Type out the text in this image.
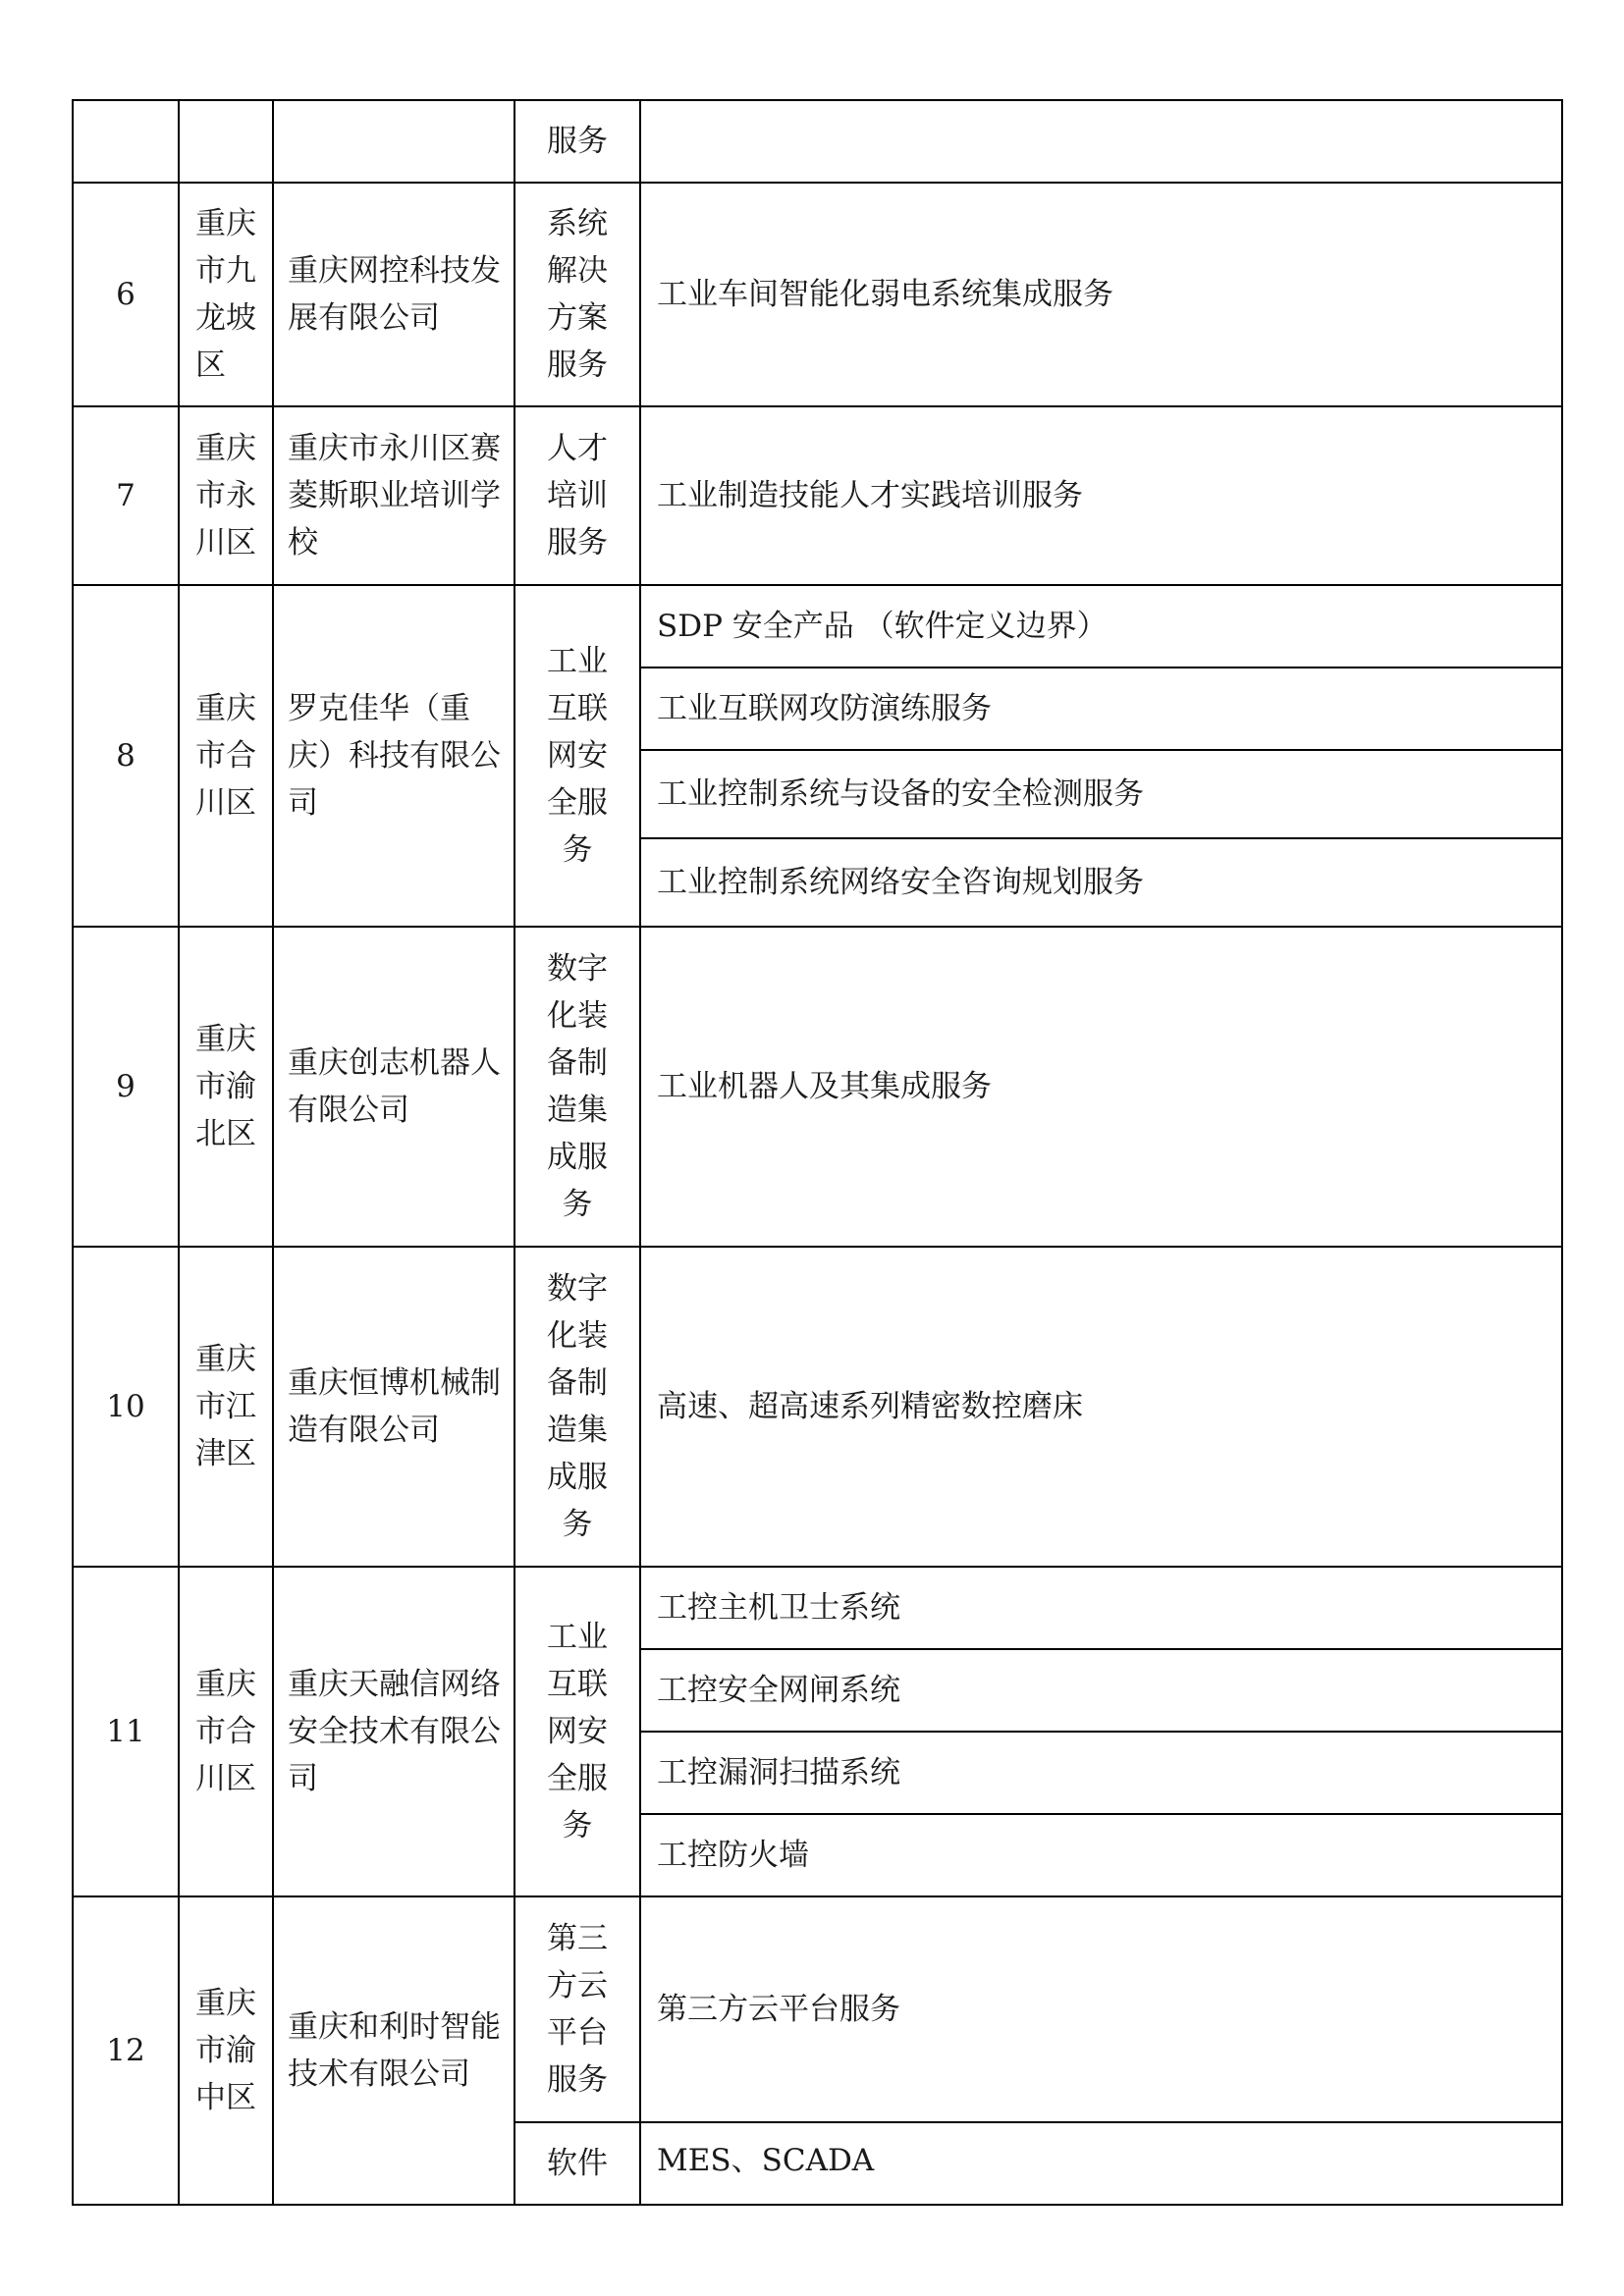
			服务	
6	重庆市九龙坡区	重庆网控科技发展有限公司	系统解决方案服务	工业车间智能化弱电系统集成服务
7	重庆市永川区	重庆市永川区赛菱斯职业培训学校	人才培训服务	工业制造技能人才实践培训服务
8	重庆市合川区	罗克佳华（重庆）科技有限公司	工业互联网安全服务	SDP 安全产品 （软件定义边界）
				工业互联网攻防演练服务
				工业控制系统与设备的安全检测服务
				工业控制系统网络安全咨询规划服务
9	重庆市渝北区	重庆创志机器人有限公司	数字化装备制造集成服务	工业机器人及其集成服务
10	重庆市江津区	重庆恒博机械制造有限公司	数字化装备制造集成服务	高速、超高速系列精密数控磨床
11	重庆市合川区	重庆天融信网络安全技术有限公司	工业互联网安全服务	工控主机卫士系统
				工控安全网闸系统
				工控漏洞扫描系统
				工控防火墙
12	重庆市渝中区	重庆和利时智能技术有限公司	第三方云平台服务	第三方云平台服务
			软件	MES、SCADA
